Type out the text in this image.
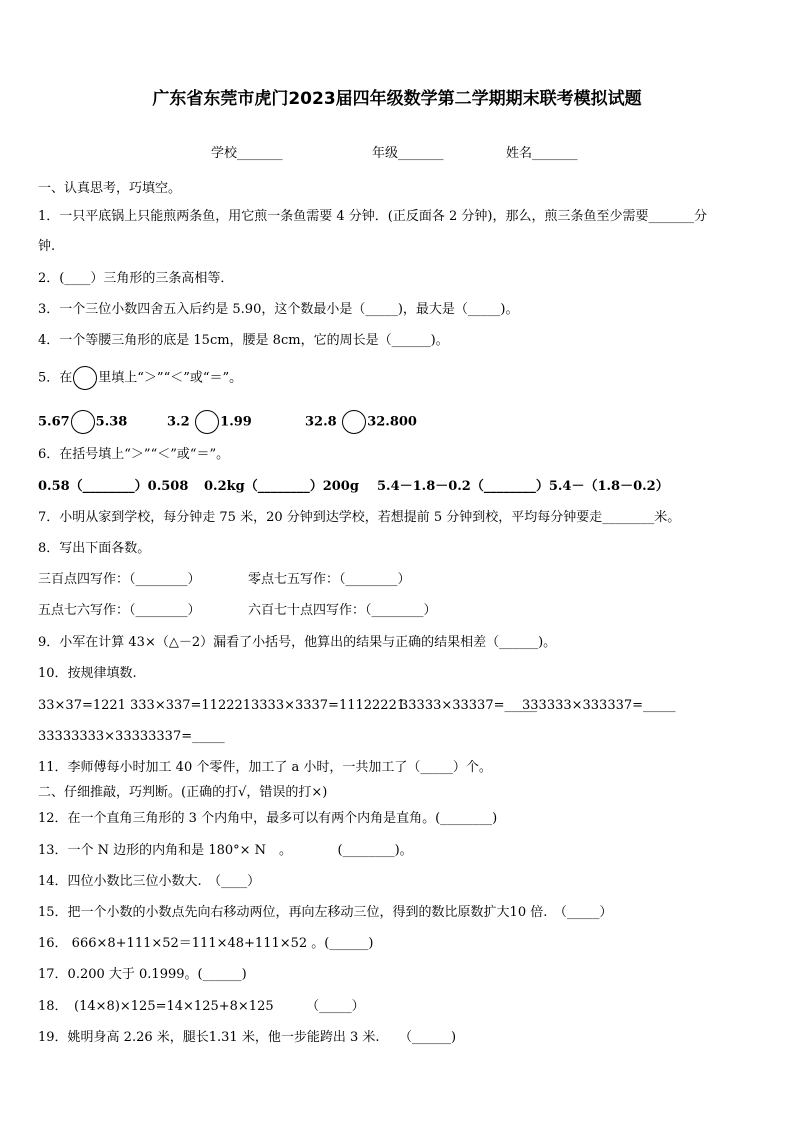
广东省东莞市虎门2023届四年级数学第二学期期末联考模拟试题
学校_______	年级_______	姓名_______
一、认真思考，巧填空。
1．一只平底锅上只能煎两条鱼，用它煎一条鱼需要 4 分钟．(正反面各 2 分钟)，那么，煎三条鱼至少需要_______分
钟.
2．(____）三角形的三条高相等．
3．一个三位小数四舍五入后约是 5.90，这个数最小是（_____)，最大是（_____)。
4．一个等腰三角形的底是 15cm，腰是 8cm，它的周长是（______)。
5．在 里填上“＞”“＜”或“＝”。
5.67 5.38	3.2 1.99	32.8 32.800
6．在括号填上“＞”“＜”或“＝”。
0.58（________）0.508 0.2kg（________）200g 5.4－1.8－0.2（________）5.4－（1.8－0.2）
7．小明从家到学校，每分钟走 75 米，20 分钟到达学校，若想提前 5 分钟到校，平均每分钟要走________米。
8．写出下面各数。
三百点四写作：（________）	零点七五写作：（________）
五点七六写作：（________）	六百七十点四写作：（________）
9．小军在计算 43×（△－2）漏看了小括号，他算出的结果与正确的结果相差（______)。
10．按规律填数.
33×37=1221 333×337=112221 3333×3337=11122221
33333×33337=_____
333333×333337=_____
33333333×33333337=_____
11．李师傅每小时加工 40 个零件，加工了 a 小时，一共加工了（_____）个。
二、仔细推敲，巧判断。(正确的打√，错误的打×)
12．在一个直角三角形的 3 个内角中，最多可以有两个内角是直角。(________)
13．一个 N 边形的内角和是 180°× N　。　　　　(________)。
14．四位小数比三位小数大.　（____）
15．把一个小数的小数点先向右移动两位，再向左移动三位，得到的数比原数扩大10 倍.　（_____）
16． 666×8+111×52＝111×48+111×52 。(______)
17．0.200 大于 0.1999。(______)
18．　(14×8)×125=14×125+8×125　　　（_____）
19．姚明身高 2.26 米，腿长1.31 米，他一步能跨出 3 米.　　（______)
